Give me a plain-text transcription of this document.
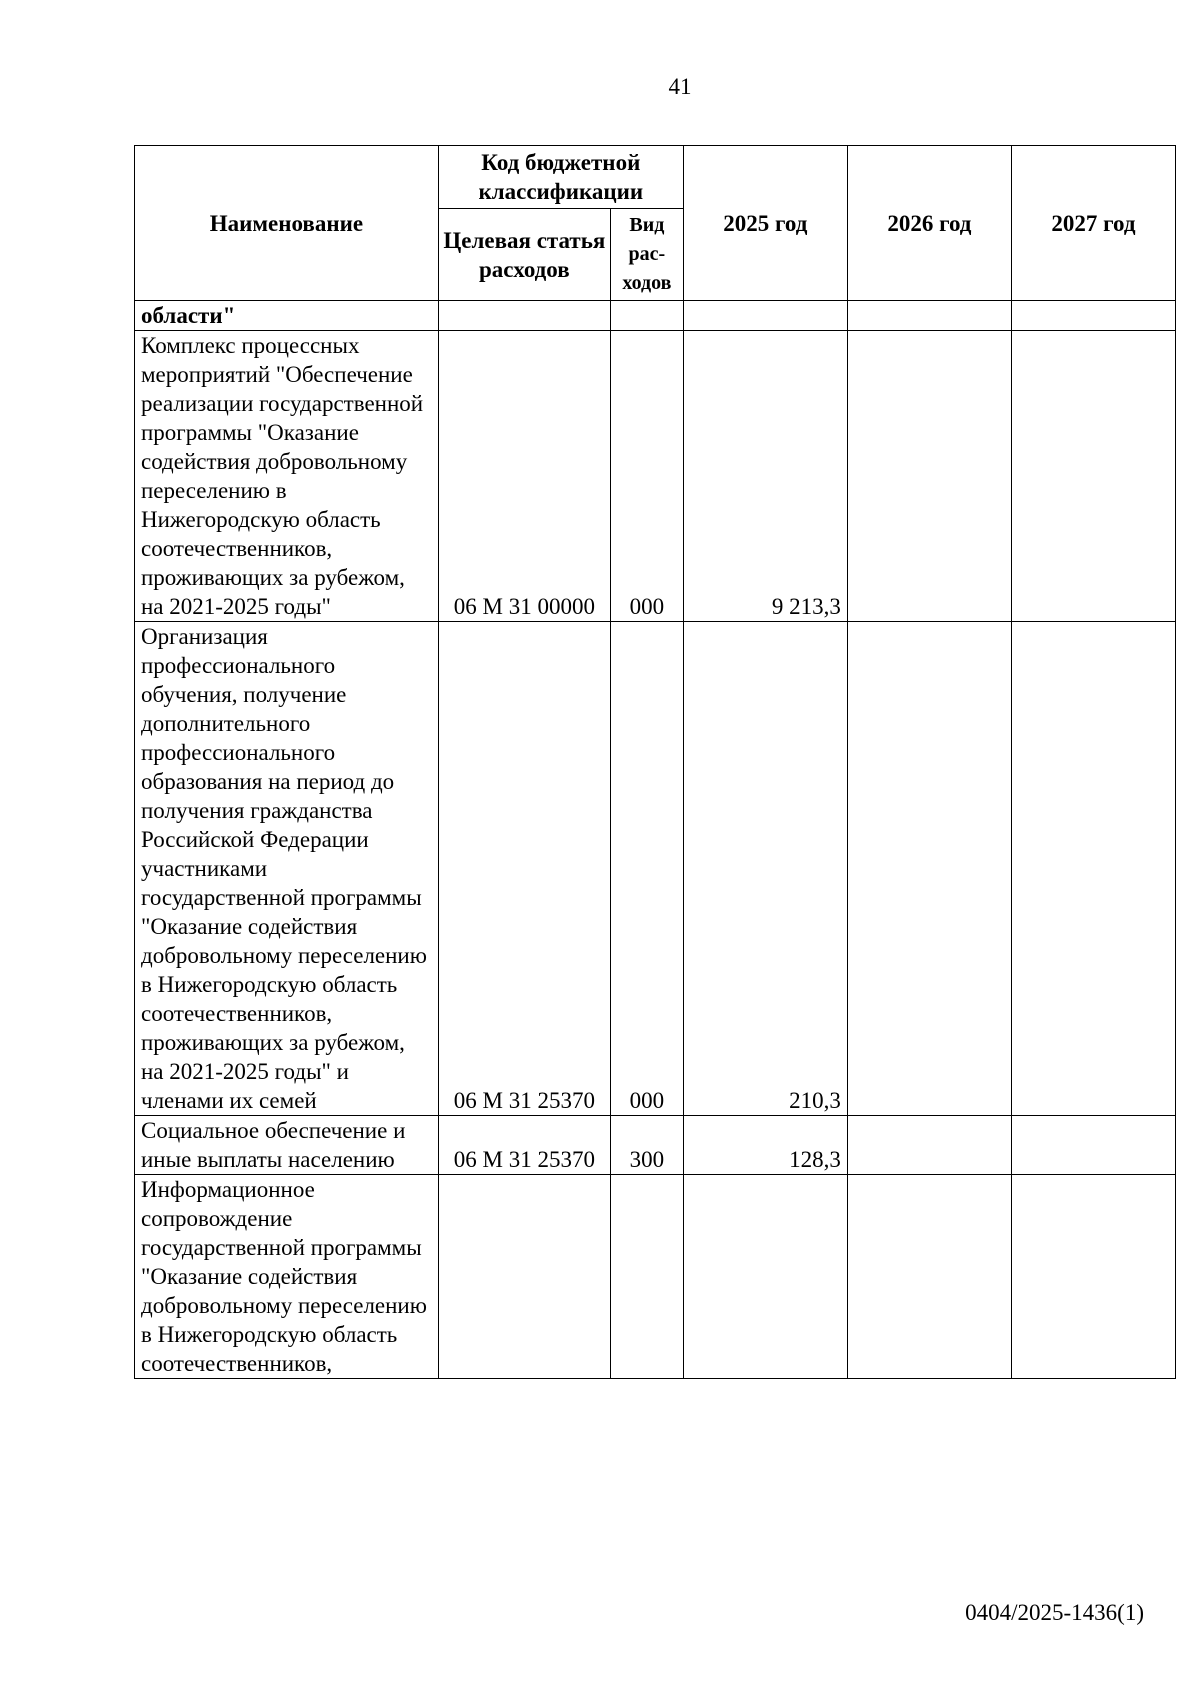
41
Наименование	Код бюджетной классификации		2025 год	2026 год	2027 год
	Целевая статья расходов	Вид рас-ходов			
области"					
Комплекс процессных мероприятий "Обеспечение реализации государственной программы "Оказание содействия добровольному переселению в Нижегородскую область соотечественников, проживающих за рубежом, на 2021-2025 годы"	06 М 31 00000	000	9 213,3		
Организация профессионального обучения, получение дополнительного профессионального образования на период до получения гражданства Российской Федерации участниками государственной программы "Оказание содействия добровольному переселению в Нижегородскую область соотечественников, проживающих за рубежом, на 2021-2025 годы" и членами их семей	06 М 31 25370	000	210,3		
Социальное обеспечение и иные выплаты населению	06 М 31 25370	300	128,3		
Информационное сопровождение государственной программы "Оказание содействия добровольному переселению в Нижегородскую область соотечественников,					
0404/2025-1436(1)
